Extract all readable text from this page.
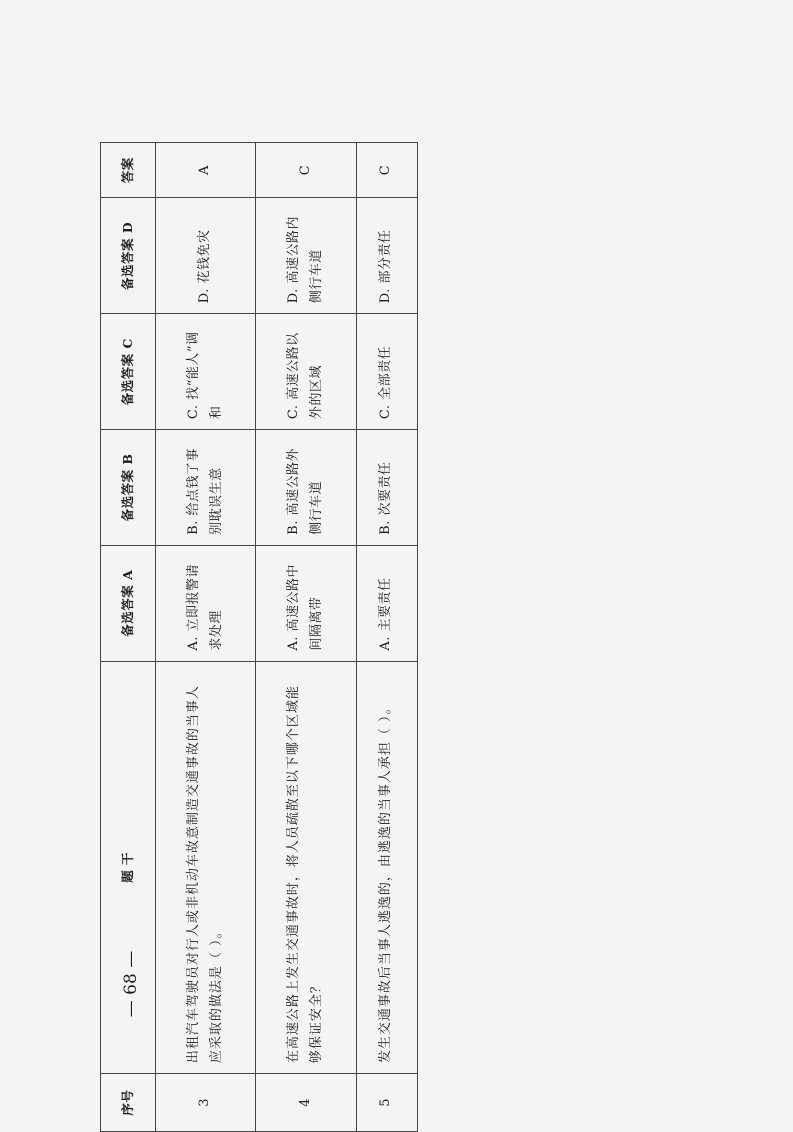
序号	题 干	备选答案 A	备选答案 B	备选答案 C	备选答案 D	答案
3	出租汽车驾驶员对行人或非机动车故意制造交通事故的当事人应采取的做法是（ ）。	A. 立即报警请求处理	B. 给点钱了事别耽误生意	C. 找“能人”调和	D. 花钱免灾	A
4	在高速公路上发生交通事故时，将人员疏散至以下哪个区域能够保证安全？	A. 高速公路中间隔离带	B. 高速公路外侧行车道	C. 高速公路以外的区域	D. 高速公路内侧行车道	C
5	发生交通事故后当事人逃逸的，由逃逸的当事人承担（ ）。	A. 主要责任	B. 次要责任	C. 全部责任	D. 部分责任	C
— 68 —
